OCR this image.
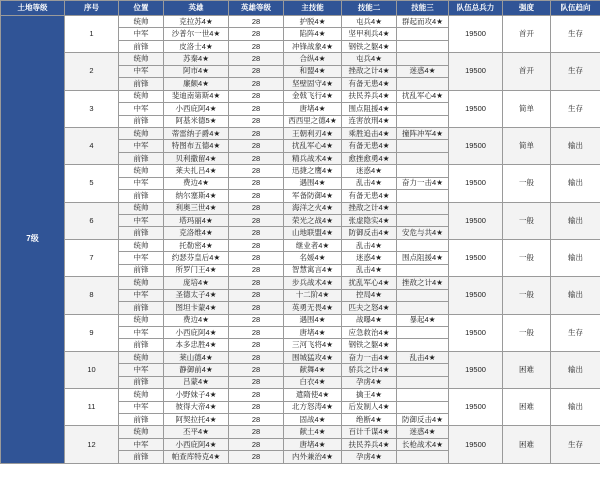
土地等级	序号	位置	英雄	英雄等级	主技能	技能二	技能三	队伍总兵力	强度	队伍趋向
7级	1	统帅	克拉苏4★	28	护脱4★	屯兵4★	群起而攻4★	19500	首开	生存
		中军	沙普尔一世4★	28	陷阵4★	坚甲利兵4★				
		前锋	皮洛士4★	28	冲锋战象4★	钢铁之躯4★				
	2	统帅	苏秦4★	28	合纵4★	屯兵4★		19500	首开	生存
		中军	阿市4★	28	和盟4★	挫敌之计4★	迷惑4★			
		前锋	廉颇4★	28	坚壁固守4★	有备无患4★				
	3	统帅	斐迪南第斯4★	28	金戟飞行4★	扶民养兵4★	扰乱军心4★	19500	简单	生存
		中军	小西庇阿4★	28	唐堵4★	围点阻援4★				
		前锋	阿基米德5★	28	西西里之德4★	连害放刑4★				
	4	统帅	蒂雷纳子爵4★	28	王朝利刃4★	乘胜追击4★	撞阵冲军4★	19500	简单	输出
		中军	特图布五德4★	28	扰乱军心4★	有备无患4★				
		前锋	贝利撒留4★	28	精兵战术4★	愈挫愈勇4★				
	5	统帅	莱夫扎吕4★	28	迅捷之鹰4★	迷惑4★		19500	一般	输出
		中军	费边4★	28	遇围4★	乱击4★	奋力一击4★			
		前锋	纳尔塞斯4★	28	军备防御4★	有备无患4★				
	6	统帅	利奥三世4★	28	海洋之火4★	挫敌之计4★		19500	一般	输出
		中军	塔玛丽4★	28	荣光之战4★	张虚隐实4★				
		前锋	克洛维4★	28	山地联盟4★	防御反击4★	安危与共4★			
	7	统帅	托勒密4★	28	继业者4★	乱击4★		19500	一般	输出
		中军	约瑟芬皇后4★	28	名媛4★	迷惑4★	围点阻援4★			
		前锋	所罗门王4★	28	智慧寓言4★	乱击4★				
	8	统帅	庞培4★	28	步兵战术4★	扰乱军心4★	挫敌之计4★	19500	一般	输出
		中军	圣德太子4★	28	十二阶4★	控局4★				
		前锋	图坦卡蒙4★	28	英勇无畏4★	匹夫之怒4★				
	9	统帅	费边4★	28	遇围4★	战曝4★	暴起4★	19500	一般	生存
		中军	小西庇阿4★	28	唐堵4★	应急救治4★				
		前锋	本多忠胜4★	28	三河飞将4★	钢铁之躯4★				
	10	统帅	莱山德4★	28	围城猛攻4★	奋力一击4★	乱击4★	19500	困难	输出
		中军	静御前4★	28	献舞4★	骄兵之计4★				
		前锋	吕蒙4★	28	白衣4★	孕虏4★				
	11	统帅	小野妹子4★	28	遣隋使4★	擒王4★		19500	困难	输出
		中军	彼得大帝4★	28	北方怒涛4★	后发制人4★				
		前锋	阿契拉托4★	28	固战4★	绝断4★	防御反击4★			
	12	统帅	丕平4★	28	献土4★	百计千谋4★	迷惑4★	19500	困难	生存
		中军	小西庇阿4★	28	唐堵4★	扶民养兵4★	长枪战术4★			
		前锋	帕查库特克4★	28	内外兼治4★	孕虏4★				
